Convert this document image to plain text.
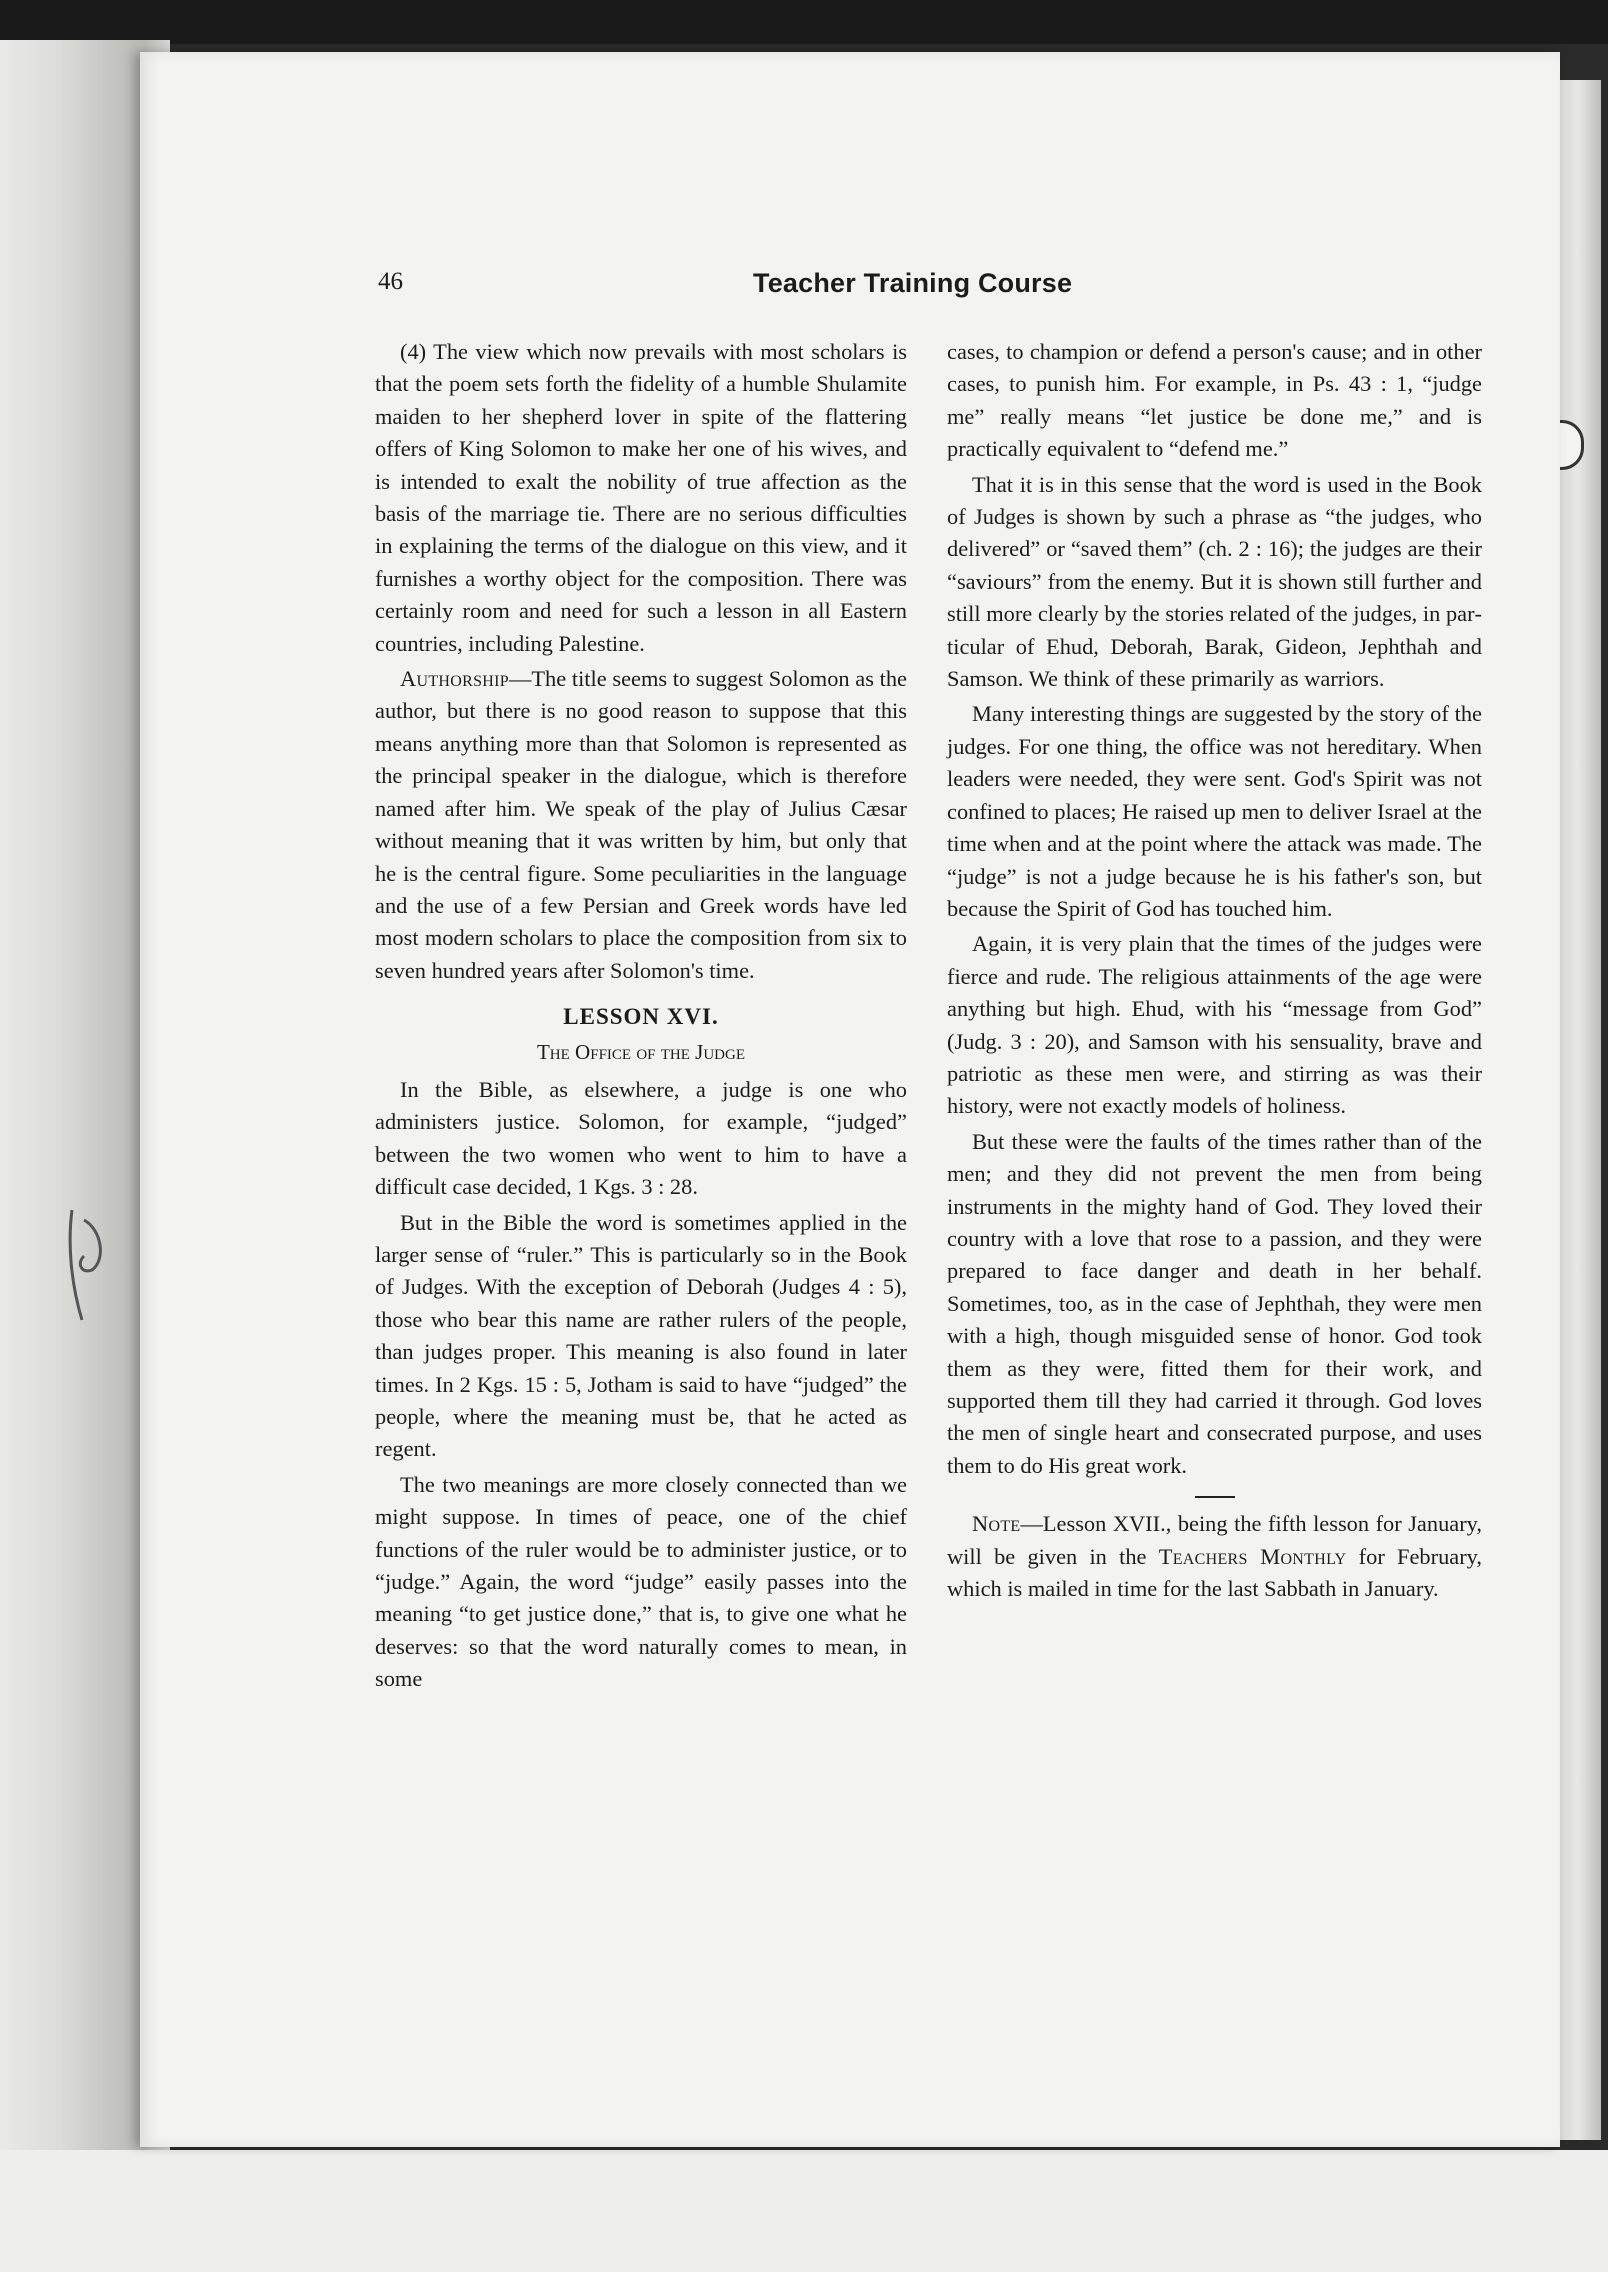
46	Teacher Training Course

(4) The view which now prevails with most scholars is that the poem sets forth the fidelity of a humble Shulamite maiden to her shepherd lover in spite of the flattering offers of King Solomon to make her one of his wives, and is intended to exalt the nobility of true affection as the basis of the marriage tie. There are no serious difficulties in explaining the terms of the dialogue on this view, and it furnishes a worthy object for the composition. There was certainly room and need for such a lesson in all Eastern countries, including Palestine.

Authorship—The title seems to suggest Solomon as the author, but there is no good reason to suppose that this means anything more than that Solomon is represented as the principal speaker in the dialogue, which is therefore named after him. We speak of the play of Julius Cæsar without meaning that it was written by him, but only that he is the central figure. Some peculiarities in the language and the use of a few Persian and Greek words have led most modern scholars to place the composition from six to seven hundred years after Solomon's time.

LESSON XVI.
The Office of the Judge

In the Bible, as elsewhere, a judge is one who administers justice. Solomon, for example, “judged” between the two women who went to him to have a difficult case decided, 1 Kgs. 3 : 28.

But in the Bible the word is sometimes applied in the larger sense of “ruler.” This is particularly so in the Book of Judges. With the exception of Deborah (Judges 4 : 5), those who bear this name are rather rulers of the people, than judges proper. This meaning is also found in later times. In 2 Kgs. 15 : 5, Jotham is said to have “judged” the people, where the meaning must be, that he acted as regent.

The two meanings are more closely connected than we might suppose. In times of peace, one of the chief functions of the ruler would be to administer justice, or to “judge.” Again, the word “judge” easily passes into the meaning “to get justice done,” that is, to give one what he deserves: so that the word naturally comes to mean, in some

cases, to champion or defend a person's cause; and in other cases, to punish him. For example, in Ps. 43 : 1, “judge me” really means “let justice be done me,” and is practically equivalent to “defend me.”

That it is in this sense that the word is used in the Book of Judges is shown by such a phrase as “the judges, who delivered” or “saved them” (ch. 2 : 16); the judges are their “saviours” from the enemy. But it is shown still further and still more clearly by the stories related of the judges, in particular of Ehud, Deborah, Barak, Gideon, Jephthah and Samson. We think of these primarily as warriors.

Many interesting things are suggested by the story of the judges. For one thing, the office was not hereditary. When leaders were needed, they were sent. God's Spirit was not confined to places; He raised up men to deliver Israel at the time when and at the point where the attack was made. The “judge” is not a judge because he is his father's son, but because the Spirit of God has touched him.

Again, it is very plain that the times of the judges were fierce and rude. The religious attainments of the age were anything but high. Ehud, with his “message from God” (Judg. 3 : 20), and Samson with his sensuality, brave and patriotic as these men were, and stirring as was their history, were not exactly models of holiness.

But these were the faults of the times rather than of the men; and they did not prevent the men from being instruments in the mighty hand of God. They loved their country with a love that rose to a passion, and they were prepared to face danger and death in her behalf. Sometimes, too, as in the case of Jephthah, they were men with a high, though misguided sense of honor. God took them as they were, fitted them for their work, and supported them till they had carried it through. God loves the men of single heart and consecrated purpose, and uses them to do His great work.

Note—Lesson XVII., being the fifth lesson for January, will be given in the Teachers Monthly for February, which is mailed in time for the last Sabbath in January.
